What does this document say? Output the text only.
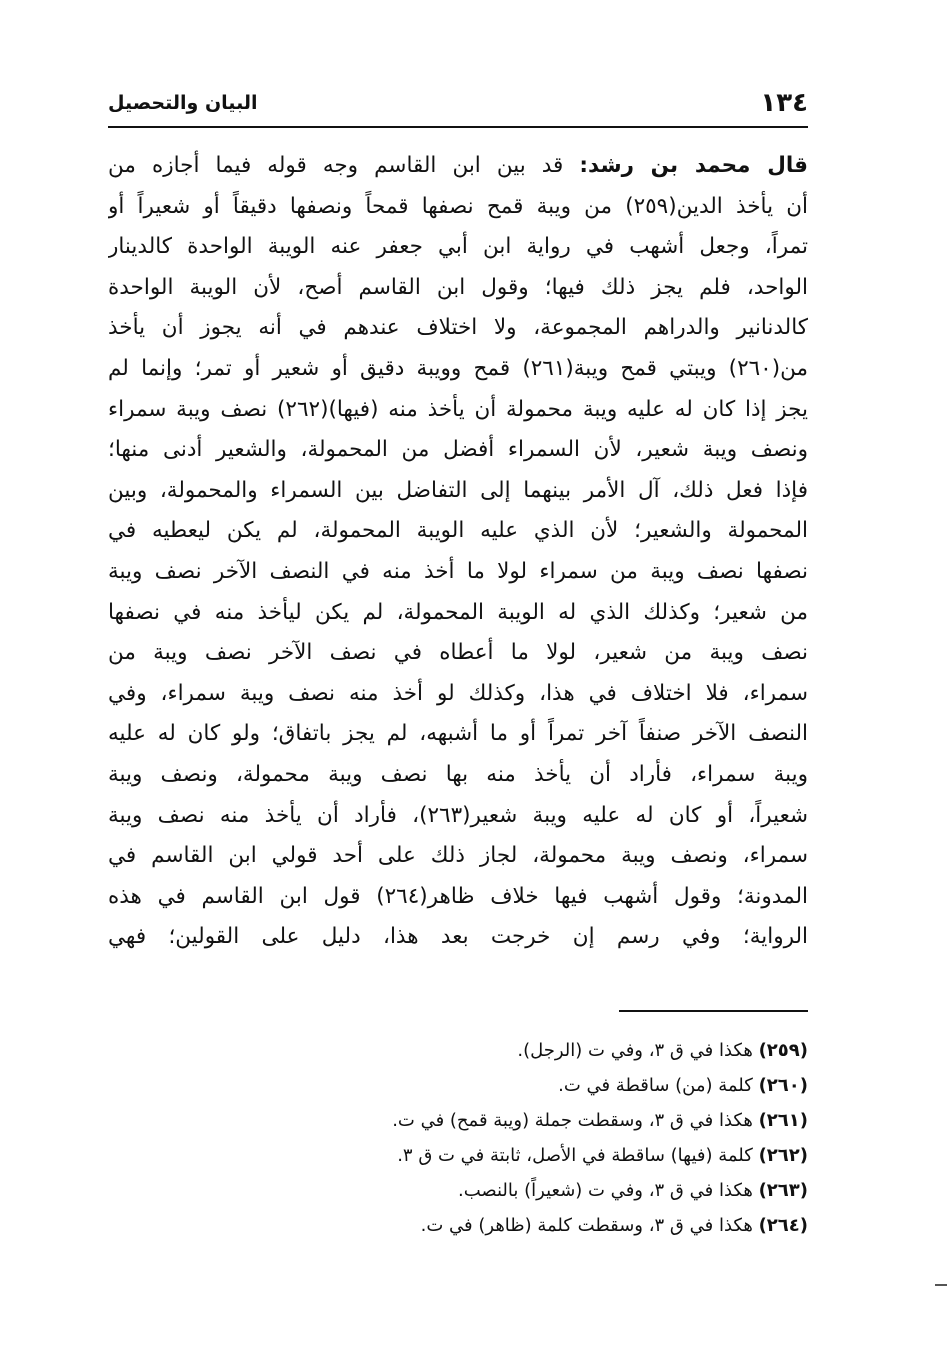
١٣٤
البيان والتحصيل
قال محمد بن رشد: قد بين ابن القاسم وجه قوله فيما أجازه من
أن يأخذ الدين(٢٥٩) من ويبة قمح نصفها قمحاً ونصفها دقيقاً أو شعيراً أو
تمراً، وجعل أشهب في رواية ابن أبي جعفر عنه الويبة الواحدة كالدينار
الواحد، فلم يجز ذلك فيها؛ وقول ابن القاسم أصح، لأن الويبة الواحدة
كالدنانير والدراهم المجموعة، ولا اختلاف عندهم في أنه يجوز أن يأخذ
من(٢٦٠) ويبتي قمح ويبة(٢٦١) قمح وويبة دقيق أو شعير أو تمر؛ وإنما لم
يجز إذا كان له عليه ويبة محمولة أن يأخذ منه (فيها)(٢٦٢) نصف ويبة سمراء
ونصف ويبة شعير، لأن السمراء أفضل من المحمولة، والشعير أدنى منها؛
فإذا فعل ذلك، آل الأمر بينهما إلى التفاضل بين السمراء والمحمولة، وبين
المحمولة والشعير؛ لأن الذي عليه الويبة المحمولة، لم يكن ليعطيه في
نصفها نصف ويبة من سمراء لولا ما أخذ منه في النصف الآخر نصف ويبة
من شعير؛ وكذلك الذي له الويبة المحمولة، لم يكن ليأخذ منه في نصفها
نصف ويبة من شعير، لولا ما أعطاه في نصف الآخر نصف ويبة من
سمراء، فلا اختلاف في هذا، وكذلك لو أخذ منه نصف ويبة سمراء، وفي
النصف الآخر صنفاً آخر تمراً أو ما أشبهه، لم يجز باتفاق؛ ولو كان له عليه
ويبة سمراء، فأراد أن يأخذ منه بها نصف ويبة محمولة، ونصف ويبة
شعيراً، أو كان له عليه ويبة شعير(٢٦٣)، فأراد أن يأخذ منه نصف ويبة
سمراء، ونصف ويبة محمولة، لجاز ذلك على أحد قولي ابن القاسم في
المدونة؛ وقول أشهب فيها خلاف ظاهر(٢٦٤) قول ابن القاسم في هذه
الرواية؛ وفي رسم إن خرجت بعد هذا، دليل على القولين؛ فهي
(٢٥٩) هكذا في ق ٣، وفي ت (الرجل).
(٢٦٠) كلمة (من) ساقطة في ت.
(٢٦١) هكذا في ق ٣، وسقطت جملة (ويبة قمح) في ت.
(٢٦٢) كلمة (فيها) ساقطة في الأصل، ثابتة في ت ق ٣.
(٢٦٣) هكذا في ق ٣، وفي ت (شعيراً) بالنصب.
(٢٦٤) هكذا في ق ٣، وسقطت كلمة (ظاهر) في ت.
